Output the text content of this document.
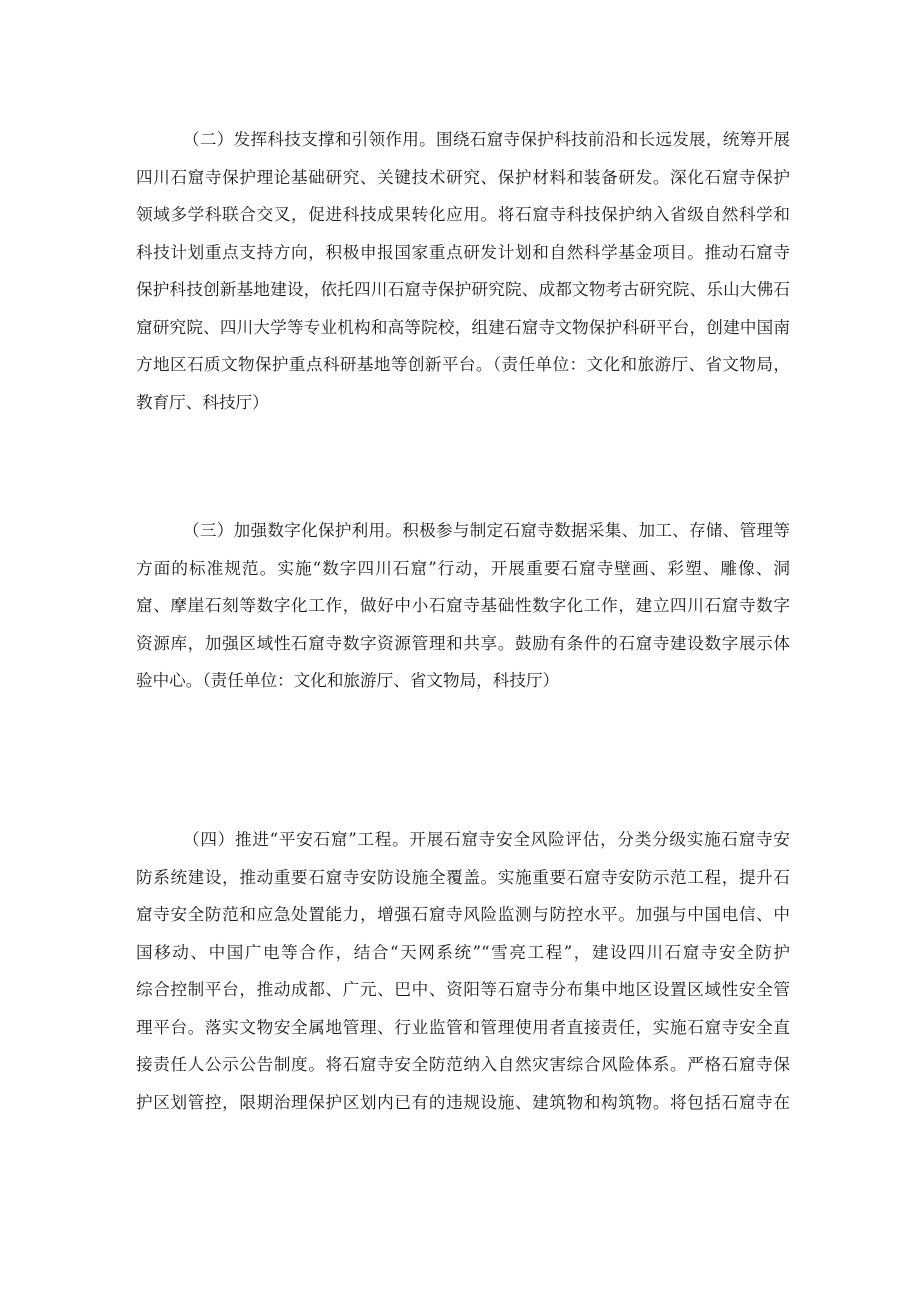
（二）发挥科技支撑和引领作用。围绕石窟寺保护科技前沿和长远发展，统筹开展
四川石窟寺保护理论基础研究、关键技术研究、保护材料和装备研发。深化石窟寺保护
领域多学科联合交叉，促进科技成果转化应用。将石窟寺科技保护纳入省级自然科学和
科技计划重点支持方向，积极申报国家重点研发计划和自然科学基金项目。推动石窟寺
保护科技创新基地建设，依托四川石窟寺保护研究院、成都文物考古研究院、乐山大佛石
窟研究院、四川大学等专业机构和高等院校，组建石窟寺文物保护科研平台，创建中国南
方地区石质文物保护重点科研基地等创新平台。（责任单位：文化和旅游厅、省文物局，
教育厅、科技厅）
（三）加强数字化保护利用。积极参与制定石窟寺数据采集、加工、存储、管理等
方面的标准规范。实施“数字四川石窟”行动，开展重要石窟寺壁画、彩塑、雕像、洞
窟、摩崖石刻等数字化工作，做好中小石窟寺基础性数字化工作，建立四川石窟寺数字
资源库，加强区域性石窟寺数字资源管理和共享。鼓励有条件的石窟寺建设数字展示体
验中心。（责任单位：文化和旅游厅、省文物局，科技厅）
（四）推进“平安石窟”工程。开展石窟寺安全风险评估，分类分级实施石窟寺安
防系统建设，推动重要石窟寺安防设施全覆盖。实施重要石窟寺安防示范工程，提升石
窟寺安全防范和应急处置能力，增强石窟寺风险监测与防控水平。加强与中国电信、中
国移动、中国广电等合作，结合“天网系统”“雪亮工程”，建设四川石窟寺安全防护
综合控制平台，推动成都、广元、巴中、资阳等石窟寺分布集中地区设置区域性安全管
理平台。落实文物安全属地管理、行业监管和管理使用者直接责任，实施石窟寺安全直
接责任人公示公告制度。将石窟寺安全防范纳入自然灾害综合风险体系。严格石窟寺保
护区划管控，限期治理保护区划内已有的违规设施、建筑物和构筑物。将包括石窟寺在
